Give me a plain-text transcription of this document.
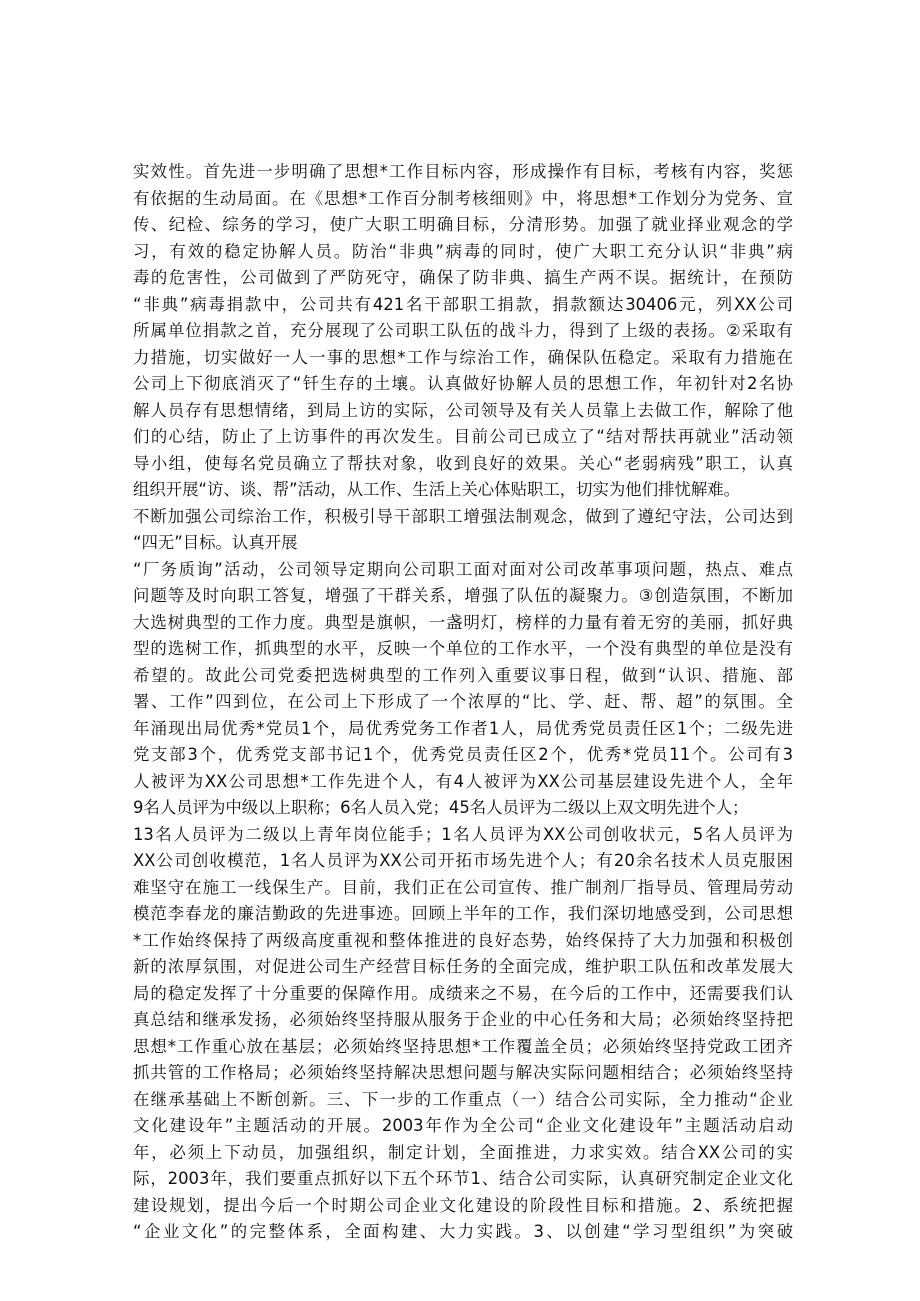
实效性。首先进一步明确了思想*工作目标内容，形成操作有目标，考核有内容，奖惩
有依据的生动局面。在《思想*工作百分制考核细则》中，将思想*工作划分为党务、宣
传、纪检、综务的学习，使广大职工明确目标，分清形势。加强了就业择业观念的学
习，有效的稳定协解人员。防治“非典”病毒的同时，使广大职工充分认识“非典”病
毒的危害性，公司做到了严防死守，确保了防非典、搞生产两不误。据统计，在预防
“非典”病毒捐款中，公司共有421名干部职工捐款，捐款额达30406元，列XX公司
所属单位捐款之首，充分展现了公司职工队伍的战斗力，得到了上级的表扬。②采取有
力措施，切实做好一人一事的思想*工作与综治工作，确保队伍稳定。采取有力措施在
公司上下彻底消灭了“钎生存的土壤。认真做好协解人员的思想工作，年初针对2名协
解人员存有思想情绪，到局上访的实际，公司领导及有关人员靠上去做工作，解除了他
们的心结，防止了上访事件的再次发生。目前公司已成立了“结对帮扶再就业”活动领
导小组，使每名党员确立了帮扶对象，收到良好的效果。关心“老弱病残”职工，认真
组织开展“访、谈、帮”活动，从工作、生活上关心体贴职工，切实为他们排忧解难。
不断加强公司综治工作，积极引导干部职工增强法制观念，做到了遵纪守法，公司达到
“四无”目标。认真开展
“厂务质询”活动，公司领导定期向公司职工面对面对公司改革事项问题，热点、难点
问题等及时向职工答复，增强了干群关系，增强了队伍的凝聚力。③创造氛围，不断加
大选树典型的工作力度。典型是旗帜，一盏明灯，榜样的力量有着无穷的美丽，抓好典
型的选树工作，抓典型的水平，反映一个单位的工作水平，一个没有典型的单位是没有
希望的。故此公司党委把选树典型的工作列入重要议事日程，做到“认识、措施、部
署、工作”四到位，在公司上下形成了一个浓厚的“比、学、赶、帮、超”的氛围。全
年涌现出局优秀*党员1个，局优秀党务工作者1人，局优秀党员责任区1个；二级先进
党支部3个，优秀党支部书记1个，优秀党员责任区2个，优秀*党员11个。公司有3
人被评为XX公司思想*工作先进个人，有4人被评为XX公司基层建设先进个人，全年
9名人员评为中级以上职称；6名人员入党；45名人员评为二级以上双文明先进个人；
13名人员评为二级以上青年岗位能手；1名人员评为XX公司创收状元，5名人员评为
XX公司创收模范，1名人员评为XX公司开拓市场先进个人；有20余名技术人员克服困
难坚守在施工一线保生产。目前，我们正在公司宣传、推广制剂厂指导员、管理局劳动
模范李春龙的廉洁勤政的先进事迹。回顾上半年的工作，我们深切地感受到，公司思想
*工作始终保持了两级高度重视和整体推进的良好态势，始终保持了大力加强和积极创
新的浓厚氛围，对促进公司生产经营目标任务的全面完成，维护职工队伍和改革发展大
局的稳定发挥了十分重要的保障作用。成绩来之不易，在今后的工作中，还需要我们认
真总结和继承发扬，必须始终坚持服从服务于企业的中心任务和大局；必须始终坚持把
思想*工作重心放在基层；必须始终坚持思想*工作覆盖全员；必须始终坚持党政工团齐
抓共管的工作格局；必须始终坚持解决思想问题与解决实际问题相结合；必须始终坚持
在继承基础上不断创新。三、下一步的工作重点（一）结合公司实际，全力推动“企业
文化建设年”主题活动的开展。2003年作为全公司“企业文化建设年”主题活动启动
年，必须上下动员，加强组织，制定计划，全面推进，力求实效。结合XX公司的实
际，2003年，我们要重点抓好以下五个环节1、结合公司实际，认真研究制定企业文化
建设规划，提出今后一个时期公司企业文化建设的阶段性目标和措施。2、系统把握
“企业文化”的完整体系，全面构建、大力实践。3、以创建“学习型组织”为突破
